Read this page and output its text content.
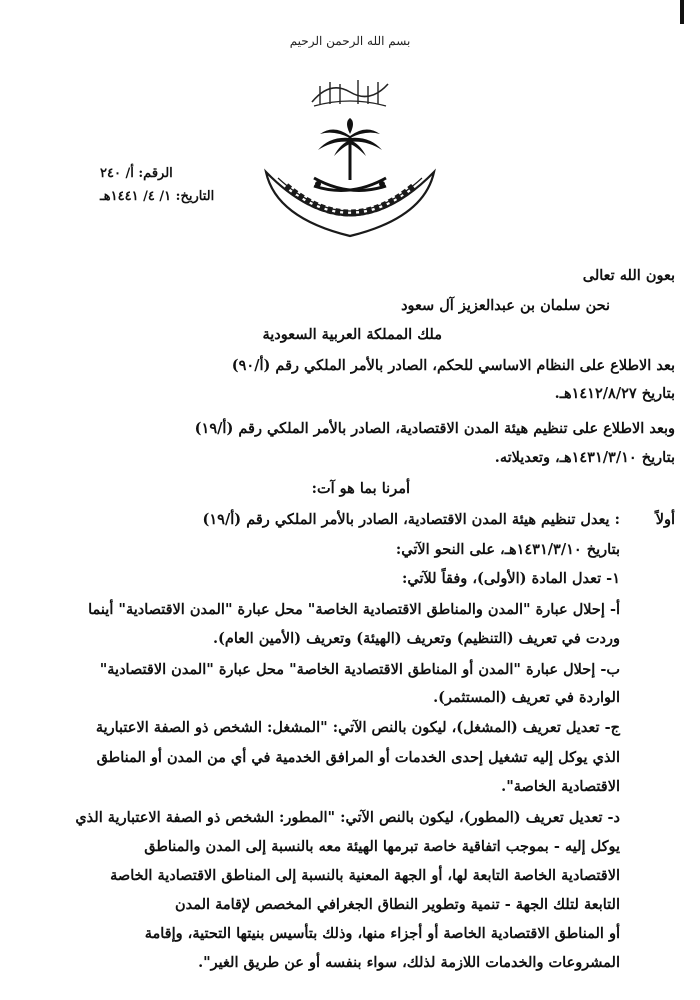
بسم الله الرحمن الرحيم
الرقم: أ/ ٢٤٠
التاريخ: ١/ ٤/ ١٤٤١هـ
بعون الله تعالى
نحن سلمان بن عبدالعزيز آل سعود
ملك المملكة العربية السعودية
بعد الاطلاع على النظام الاساسي للحكم، الصادر بالأمر الملكي رقم (أ/٩٠)
بتاريخ ١٤١٢/٨/٢٧هـ.
وبعد الاطلاع على تنظيم هيئة المدن الاقتصادية، الصادر بالأمر الملكي رقم (أ/١٩)
بتاريخ ١٤٣١/٣/١٠هـ، وتعديلاته.
أمرنا بما هو آت:
أولاً
: يعدل تنظيم هيئة المدن الاقتصادية، الصادر بالأمر الملكي رقم (أ/١٩)
بتاريخ ١٤٣١/٣/١٠هـ، على النحو الآتي:
١- تعدل المادة (الأولى)، وفقاً للآتي:
أ- إحلال عبارة "المدن والمناطق الاقتصادية الخاصة" محل عبارة "المدن الاقتصادية" أينما
وردت في تعريف (التنظيم) وتعريف (الهيئة) وتعريف (الأمين العام).
ب- إحلال عبارة "المدن أو المناطق الاقتصادية الخاصة" محل عبارة "المدن الاقتصادية"
الواردة في تعريف (المستثمر).
ج- تعديل تعريف (المشغل)، ليكون بالنص الآتي: "المشغل: الشخص ذو الصفة الاعتبارية
الذي يوكل إليه تشغيل إحدى الخدمات أو المرافق الخدمية في أي من المدن أو المناطق
الاقتصادية الخاصة".
د- تعديل تعريف (المطور)، ليكون بالنص الآتي: "المطور: الشخص ذو الصفة الاعتبارية الذي
يوكل إليه - بموجب اتفاقية خاصة تبرمها الهيئة معه بالنسبة إلى المدن والمناطق
الاقتصادية الخاصة التابعة لها، أو الجهة المعنية بالنسبة إلى المناطق الاقتصادية الخاصة
التابعة لتلك الجهة - تنمية وتطوير النطاق الجغرافي المخصص لإقامة المدن
أو المناطق الاقتصادية الخاصة أو أجزاء منها، وذلك بتأسيس بنيتها التحتية، وإقامة
المشروعات والخدمات اللازمة لذلك، سواء بنفسه أو عن طريق الغير".
